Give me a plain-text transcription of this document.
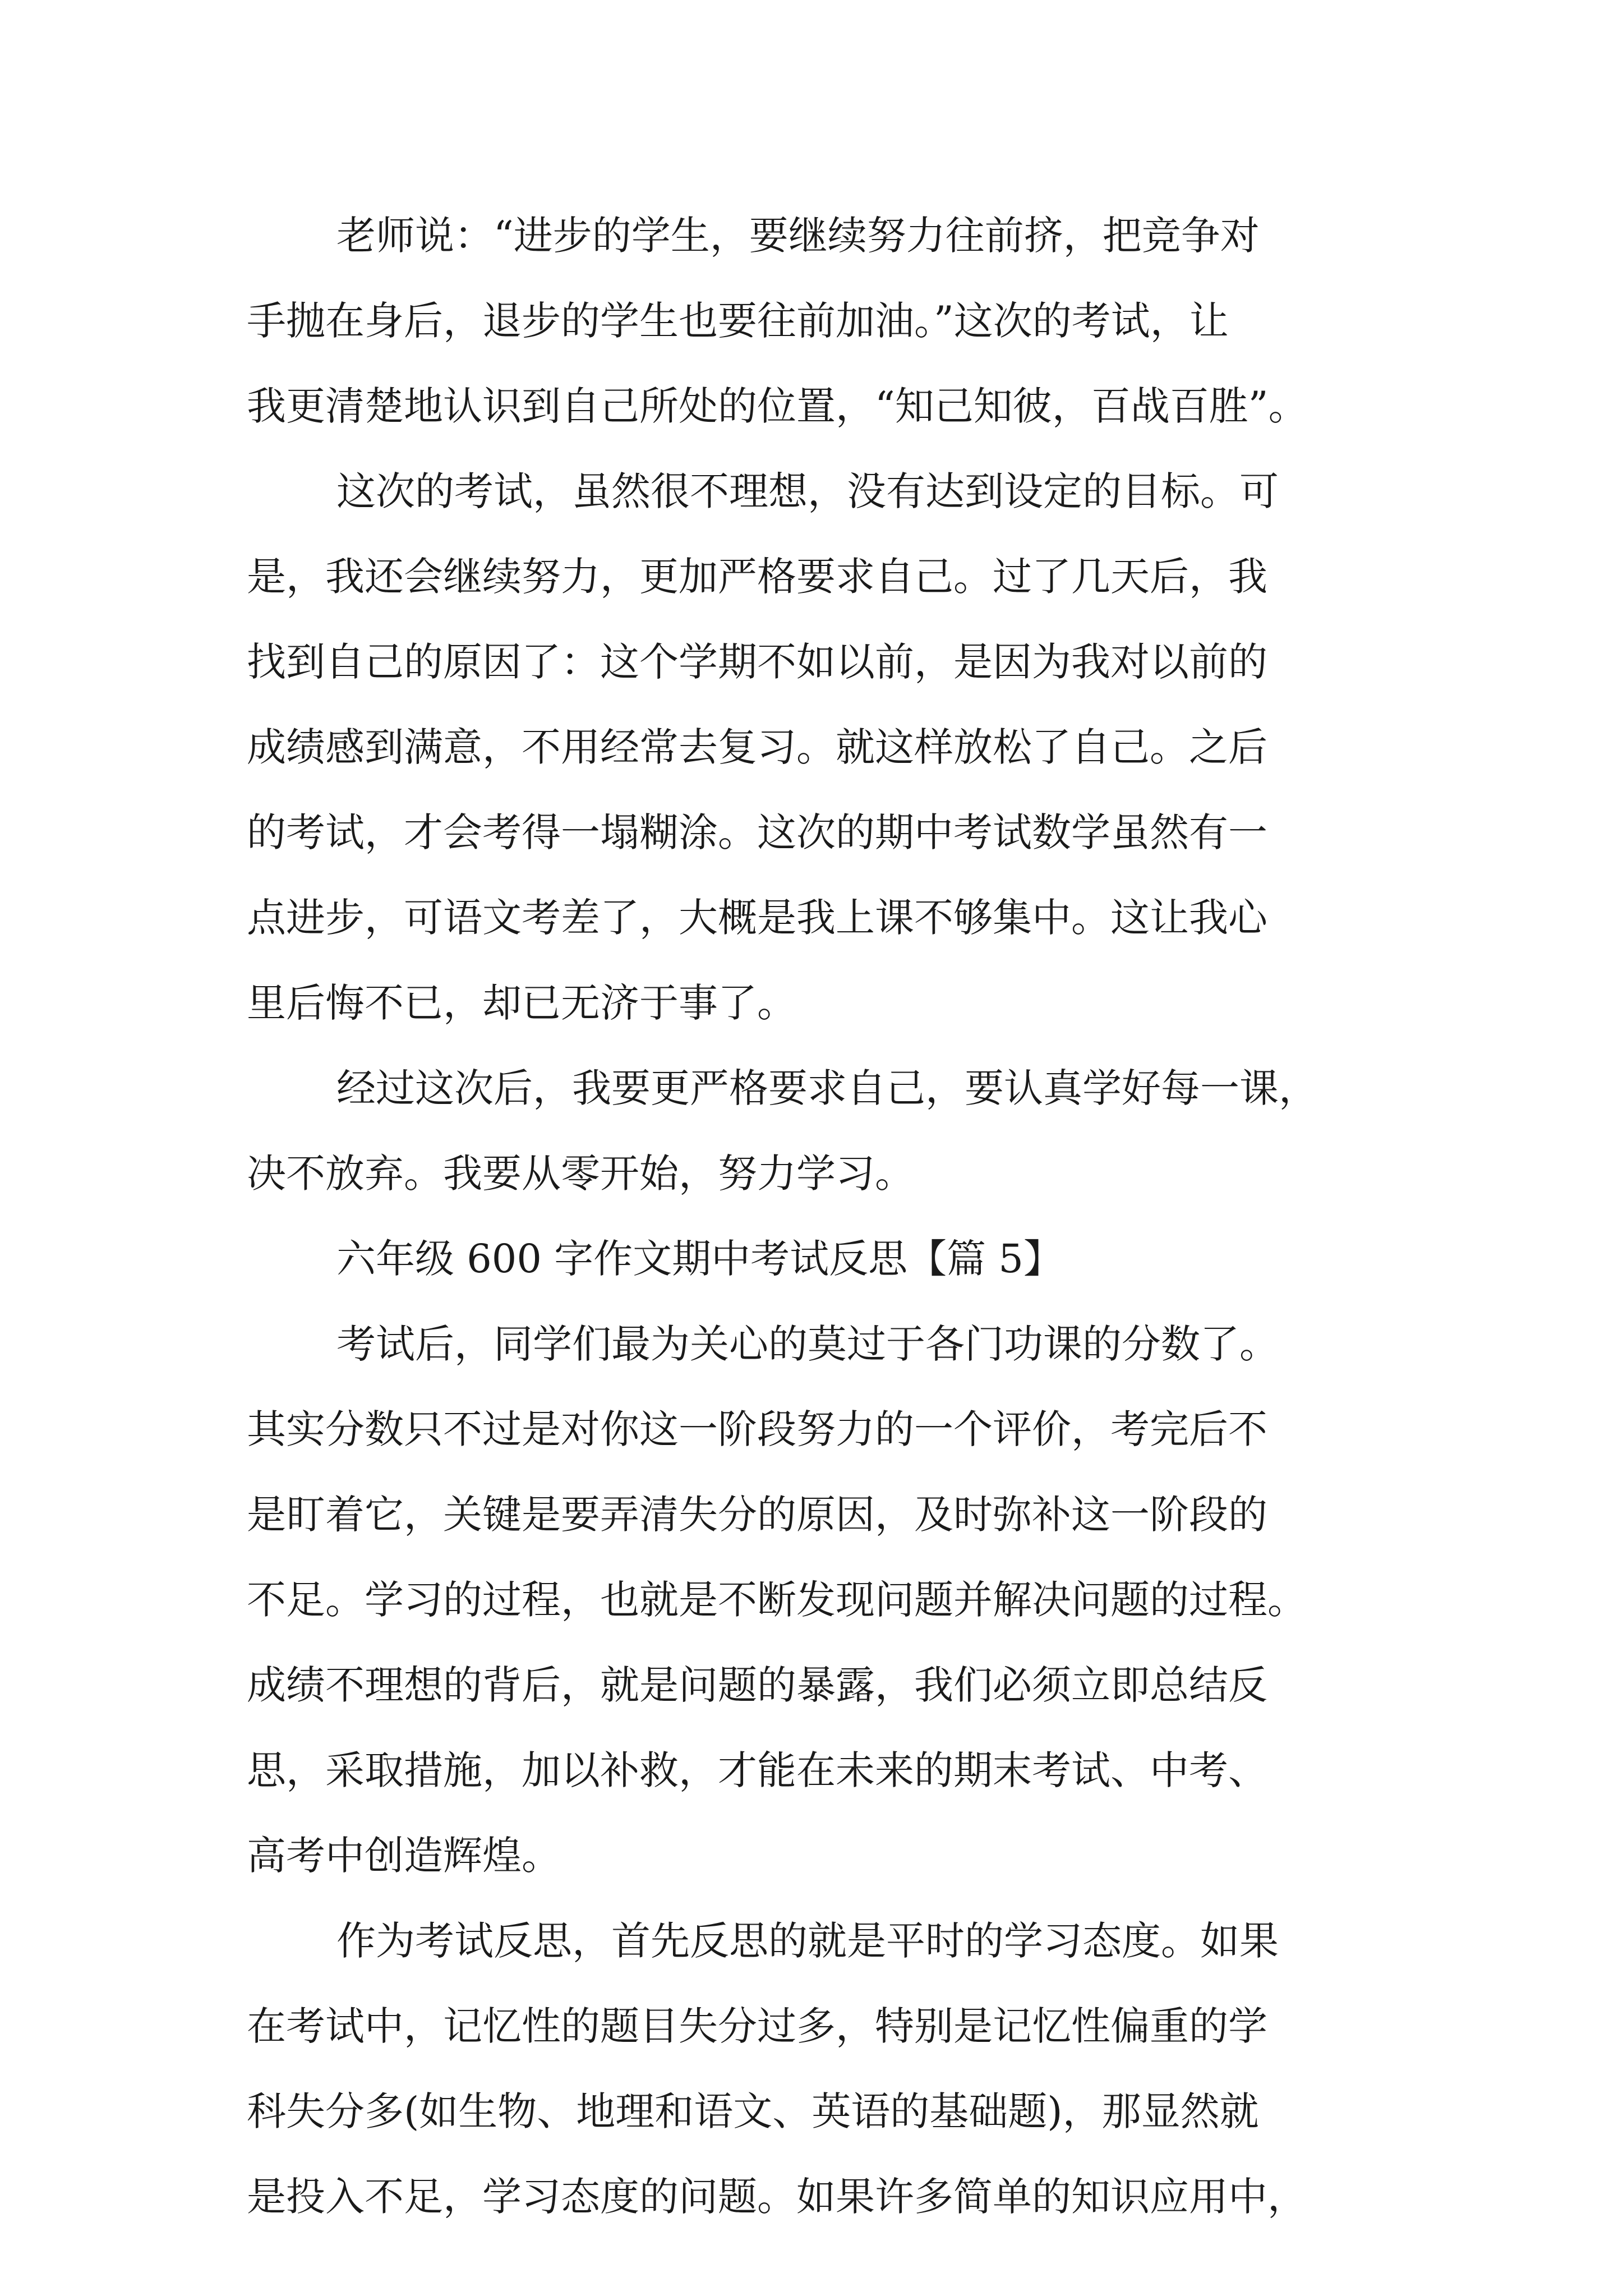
老师说：“进步的学生，要继续努力往前挤，把竞争对

手抛在身后，退步的学生也要往前加油。”这次的考试，让

我更清楚地认识到自己所处的位置，“知己知彼，百战百胜”。

这次的考试，虽然很不理想，没有达到设定的目标。可

是，我还会继续努力，更加严格要求自己。过了几天后，我

找到自己的原因了：这个学期不如以前，是因为我对以前的

成绩感到满意，不用经常去复习。就这样放松了自己。之后

的考试，才会考得一塌糊涂。这次的期中考试数学虽然有一

点进步，可语文考差了，大概是我上课不够集中。这让我心

里后悔不已，却已无济于事了。

经过这次后，我要更严格要求自己，要认真学好每一课，

决不放弃。我要从零开始，努力学习。

六年级 600 字作文期中考试反思【篇 5】

考试后，同学们最为关心的莫过于各门功课的分数了。

其实分数只不过是对你这一阶段努力的一个评价，考完后不

是盯着它，关键是要弄清失分的原因，及时弥补这一阶段的

不足。学习的过程，也就是不断发现问题并解决问题的过程。

成绩不理想的背后，就是问题的暴露，我们必须立即总结反

思，采取措施，加以补救，才能在未来的期末考试、中考、

高考中创造辉煌。

作为考试反思，首先反思的就是平时的学习态度。如果

在考试中，记忆性的题目失分过多，特别是记忆性偏重的学

科失分多(如生物、地理和语文、英语的基础题)，那显然就

是投入不足，学习态度的问题。如果许多简单的知识应用中，
